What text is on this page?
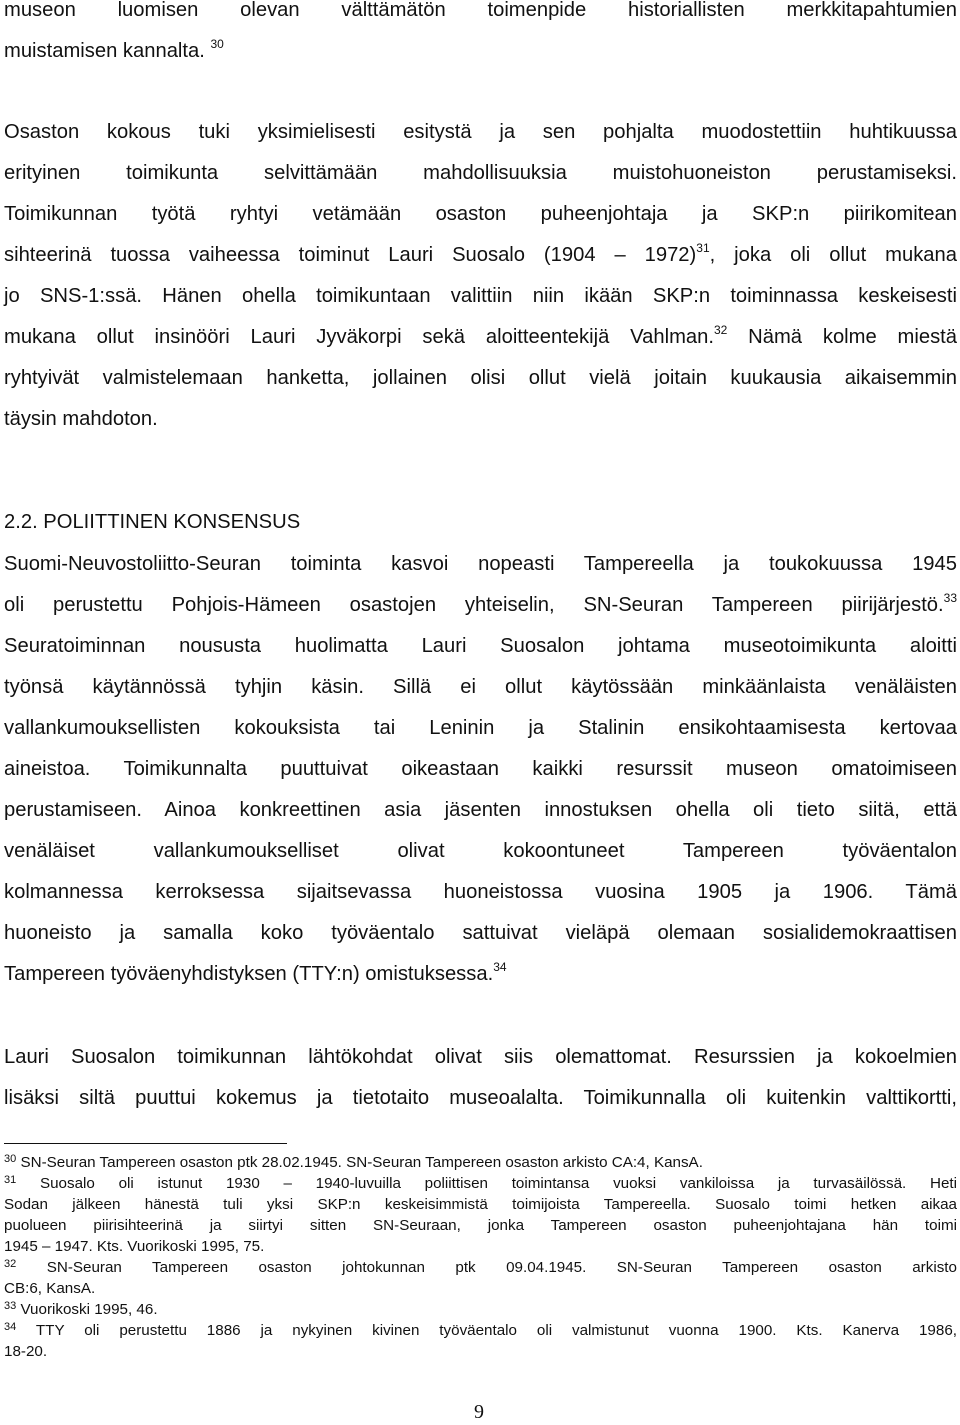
museon luomisen olevan välttämätön toimenpide historiallisten merkkitapahtumien
muistamisen kannalta. $^{30}$
Osaston kokous tuki yksimielisesti esitystä ja sen pohjalta muodostettiin huhtikuussa
erityinen toimikunta selvittämään mahdollisuuksia muistohuoneiston perustamiseksi.
Toimikunnan työtä ryhtyi vetämään osaston puheenjohtaja ja SKP:n piirikomitean
sihteerinä tuossa vaiheessa toiminut Lauri Suosalo (1904 – 1972)$^{31}$, joka oli ollut mukana
jo SNS-1:ssä. Hänen ohella toimikuntaan valittiin niin ikään SKP:n toiminnassa keskeisesti
mukana ollut insinööri Lauri Jyväkorpi sekä aloitteentekijä Vahlman.$^{32}$ Nämä kolme miestä
ryhtyivät valmistelemaan hanketta, jollainen olisi ollut vielä joitain kuukausia aikaisemmin
täysin mahdoton.
2.2. POLIITTINEN KONSENSUS
Suomi-Neuvostoliitto-Seuran toiminta kasvoi nopeasti Tampereella ja toukokuussa 1945
oli perustettu Pohjois-Hämeen osastojen yhteiselin, SN-Seuran Tampereen piirijärjestö.$^{33}$
Seuratoiminnan noususta huolimatta Lauri Suosalon johtama museotoimikunta aloitti
työnsä käytännössä tyhjin käsin. Sillä ei ollut käytössään minkäänlaista venäläisten
vallankumouksellisten kokouksista tai Leninin ja Stalinin ensikohtaamisesta kertovaa
aineistoa. Toimikunnalta puuttuivat oikeastaan kaikki resurssit museon omatoimiseen
perustamiseen. Ainoa konkreettinen asia jäsenten innostuksen ohella oli tieto siitä, että
venäläiset vallankumoukselliset olivat kokoontuneet Tampereen työväentalon
kolmannessa kerroksessa sijaitsevassa huoneistossa vuosina 1905 ja 1906. Tämä
huoneisto ja samalla koko työväentalo sattuivat vieläpä olemaan sosialidemokraattisen
Tampereen työväenyhdistyksen (TTY:n) omistuksessa.$^{34}$
Lauri Suosalon toimikunnan lähtökohdat olivat siis olemattomat. Resurssien ja kokoelmien
lisäksi siltä puuttui kokemus ja tietotaito museoalalta. Toimikunnalla oli kuitenkin valttikortti,
$^{30}$ SN-Seuran Tampereen osaston ptk 28.02.1945. SN-Seuran Tampereen osaston arkisto CA:4, KansA.
$^{31}$ Suosalo oli istunut 1930 – 1940-luvuilla poliittisen toimintansa vuoksi vankiloissa ja turvasäilössä. Heti
Sodan jälkeen hänestä tuli yksi SKP:n keskeisimmistä toimijoista Tampereella. Suosalo toimi hetken aikaa
puolueen piirisihteerinä ja siirtyi sitten SN-Seuraan, jonka Tampereen osaston puheenjohtajana hän toimi
1945 – 1947. Kts. Vuorikoski 1995, 75.
$^{32}$ SN-Seuran Tampereen osaston johtokunnan ptk 09.04.1945. SN-Seuran Tampereen osaston arkisto
CB:6, KansA.
$^{33}$ Vuorikoski 1995, 46.
$^{34}$ TTY oli perustettu 1886 ja nykyinen kivinen työväentalo oli valmistunut vuonna 1900. Kts. Kanerva 1986,
18-20.
9
